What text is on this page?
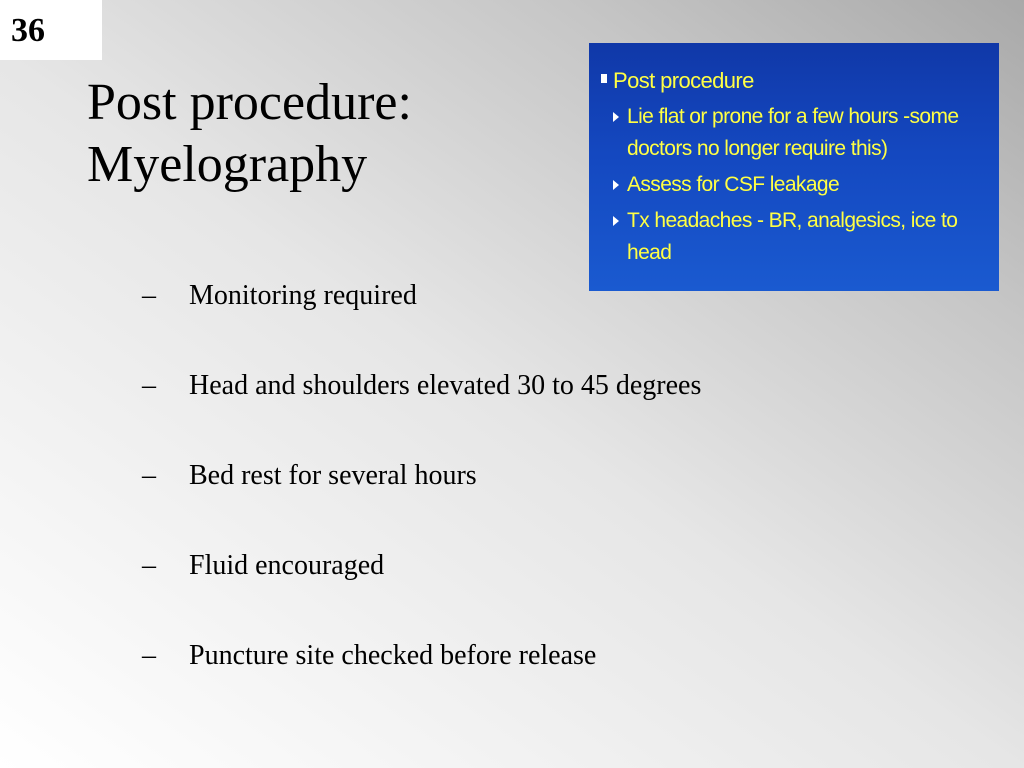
36
Post procedure:
Myelography
Post procedure
Lie flat or prone for a few hours -some
doctors no longer require this)
Assess for CSF leakage
Tx headaches - BR, analgesics, ice to head
–	Monitoring required
–	Head and shoulders elevated 30 to 45 degrees
–	Bed rest for several hours
–	Fluid encouraged
–	Puncture site checked before release
